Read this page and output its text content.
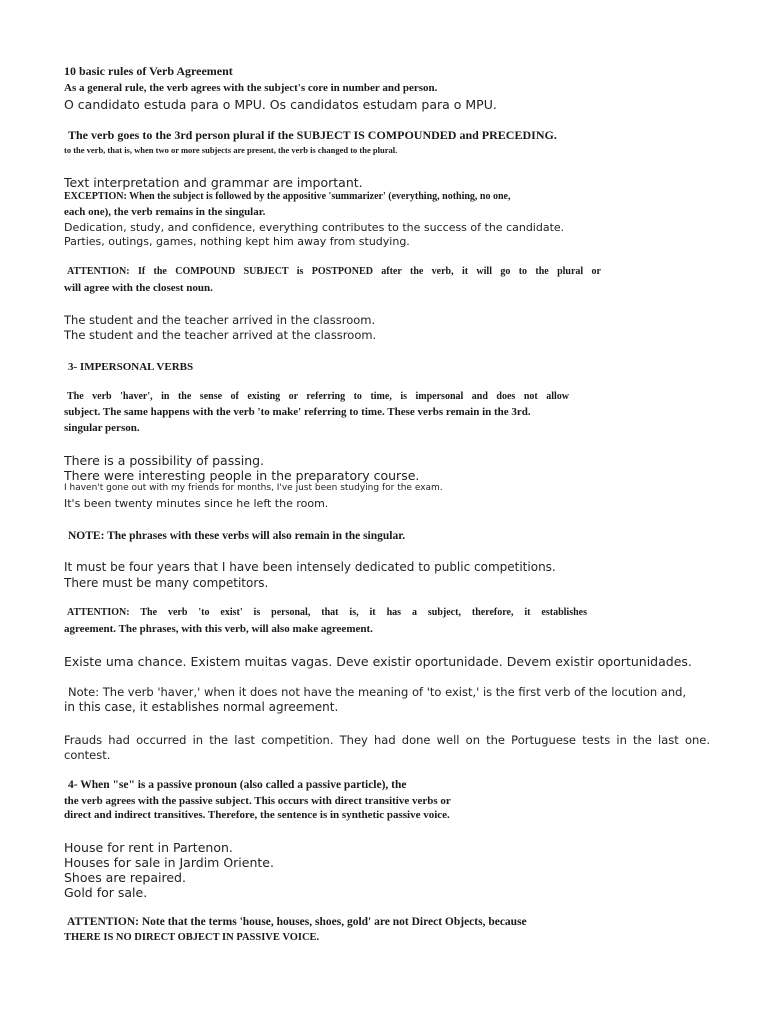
10 basic rules of Verb Agreement

As a general rule, the verb agrees with the subject's core in number and person.

O candidato estuda para o MPU. Os candidatos estudam para o MPU.

The verb goes to the 3rd person plural if the SUBJECT IS COMPOUNDED and PRECEDING.

to the verb, that is, when two or more subjects are present, the verb is changed to the plural.

Text interpretation and grammar are important.

EXCEPTION: When the subject is followed by the appositive 'summarizer' (everything, nothing, no one,

each one), the verb remains in the singular.

Dedication, study, and confidence, everything contributes to the success of the candidate.

Parties, outings, games, nothing kept him away from studying.

ATTENTION: If the COMPOUND SUBJECT is POSTPONED after the verb, it will go to the plural or

will agree with the closest noun.

The student and the teacher arrived in the classroom.

The student and the teacher arrived at the classroom.

3- IMPERSONAL VERBS

The verb 'haver', in the sense of existing or referring to time, is impersonal and does not allow

subject. The same happens with the verb 'to make' referring to time. These verbs remain in the 3rd.

singular person.

There is a possibility of passing.

There were interesting people in the preparatory course.

I haven't gone out with my friends for months, I've just been studying for the exam.

It's been twenty minutes since he left the room.

NOTE: The phrases with these verbs will also remain in the singular.

It must be four years that I have been intensely dedicated to public competitions.

There must be many competitors.

ATTENTION: The verb 'to exist' is personal, that is, it has a subject, therefore, it establishes

agreement. The phrases, with this verb, will also make agreement.

Existe uma chance. Existem muitas vagas. Deve existir oportunidade. Devem existir oportunidades.

Note: The verb 'haver,' when it does not have the meaning of 'to exist,' is the first verb of the locution and,

in this case, it establishes normal agreement.

Frauds had occurred in the last competition. They had done well on the Portuguese tests in the last one.

contest.

4- When "se" is a passive pronoun (also called a passive particle), the

the verb agrees with the passive subject. This occurs with direct transitive verbs or

direct and indirect transitives. Therefore, the sentence is in synthetic passive voice.

House for rent in Partenon.

Houses for sale in Jardim Oriente.

Shoes are repaired.

Gold for sale.

ATTENTION: Note that the terms 'house, houses, shoes, gold' are not Direct Objects, because

THERE IS NO DIRECT OBJECT IN PASSIVE VOICE.
